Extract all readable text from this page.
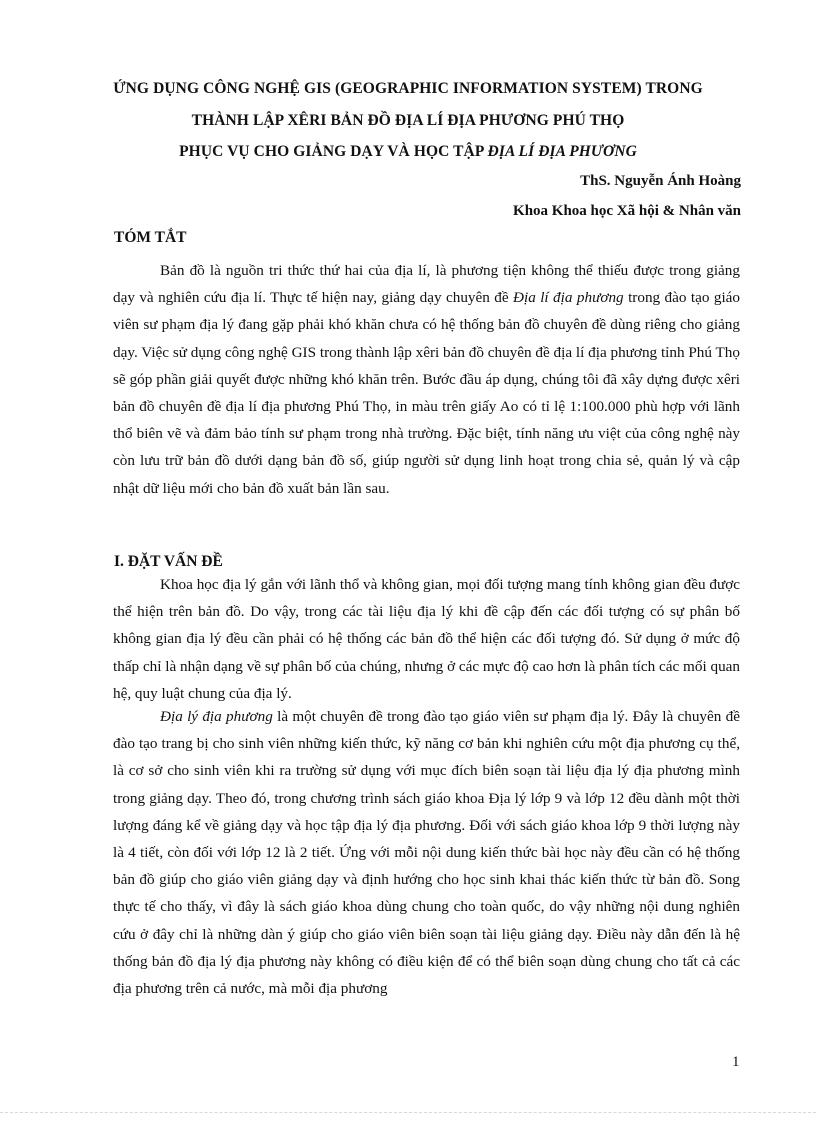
ỨNG DỤNG CÔNG NGHỆ GIS (GEOGRAPHIC INFORMATION SYSTEM) TRONG
THÀNH LẬP XÊRI BẢN ĐỒ ĐỊA LÍ ĐỊA PHƯƠNG PHÚ THỌ
PHỤC VỤ CHO GIẢNG DẠY VÀ HỌC TẬP ĐỊA LÍ ĐỊA PHƯƠNG
ThS. Nguyễn Ánh Hoàng
Khoa Khoa học Xã hội & Nhân văn
TÓM TẮT

Bản đồ là nguồn tri thức thứ hai của địa lí, là phương tiện không thể thiếu được trong giảng dạy và nghiên cứu địa lí. Thực tế hiện nay, giảng dạy chuyên đề Địa lí địa phương trong đào tạo giáo viên sư phạm địa lý đang gặp phải khó khăn chưa có hệ thống bản đồ chuyên đề dùng riêng cho giảng dạy. Việc sử dụng công nghệ GIS trong thành lập xêri bản đồ chuyên đề địa lí địa phương tỉnh Phú Thọ sẽ góp phần giải quyết được những khó khăn trên. Bước đầu áp dụng, chúng tôi đã xây dựng được xêri bản đồ chuyên đề địa lí địa phương Phú Thọ, in màu trên giấy Ao có tỉ lệ 1:100.000 phù hợp với lãnh thổ biên vẽ và đảm bảo tính sư phạm trong nhà trường. Đặc biệt, tính năng ưu việt của công nghệ này còn lưu trữ bản đồ dưới dạng bản đồ số, giúp người sử dụng linh hoạt trong chia sẻ, quản lý và cập nhật dữ liệu mới cho bản đồ xuất bản lần sau.

I. ĐẶT VẤN ĐỀ

Khoa học địa lý gắn với lãnh thổ và không gian, mọi đối tượng mang tính không gian đều được thể hiện trên bản đồ. Do vậy, trong các tài liệu địa lý khi đề cập đến các đối tượng có sự phân bố không gian địa lý đều cần phải có hệ thống các bản đồ thể hiện các đối tượng đó. Sử dụng ở mức độ thấp chỉ là nhận dạng về sự phân bố của chúng, nhưng ở các mực độ cao hơn là phân tích các mối quan hệ, quy luật chung của địa lý.

Địa lý địa phương là một chuyên đề trong đào tạo giáo viên sư phạm địa lý. Đây là chuyên đề đào tạo trang bị cho sinh viên những kiến thức, kỹ năng cơ bản khi nghiên cứu một địa phương cụ thể, là cơ sở cho sinh viên khi ra trường sử dụng với mục đích biên soạn tài liệu địa lý địa phương mình trong giảng dạy. Theo đó, trong chương trình sách giáo khoa Địa lý lớp 9 và lớp 12 đều dành một thời lượng đáng kể về giảng dạy và học tập địa lý địa phương. Đối với sách giáo khoa lớp 9 thời lượng này là 4 tiết, còn đối với lớp 12 là 2 tiết. Ứng với mỗi nội dung kiến thức bài học này đều cần có hệ thống bản đồ giúp cho giáo viên giảng dạy và định hướng cho học sinh khai thác kiến thức từ bản đồ. Song thực tế cho thấy, vì đây là sách giáo khoa dùng chung cho toàn quốc, do vậy những nội dung nghiên cứu ở đây chỉ là những dàn ý giúp cho giáo viên biên soạn tài liệu giảng dạy. Điều này dẫn đến là hệ thống bản đồ địa lý địa phương này không có điều kiện để có thể biên soạn dùng chung cho tất cả các địa phương trên cả nước, mà mỗi địa phương

1
